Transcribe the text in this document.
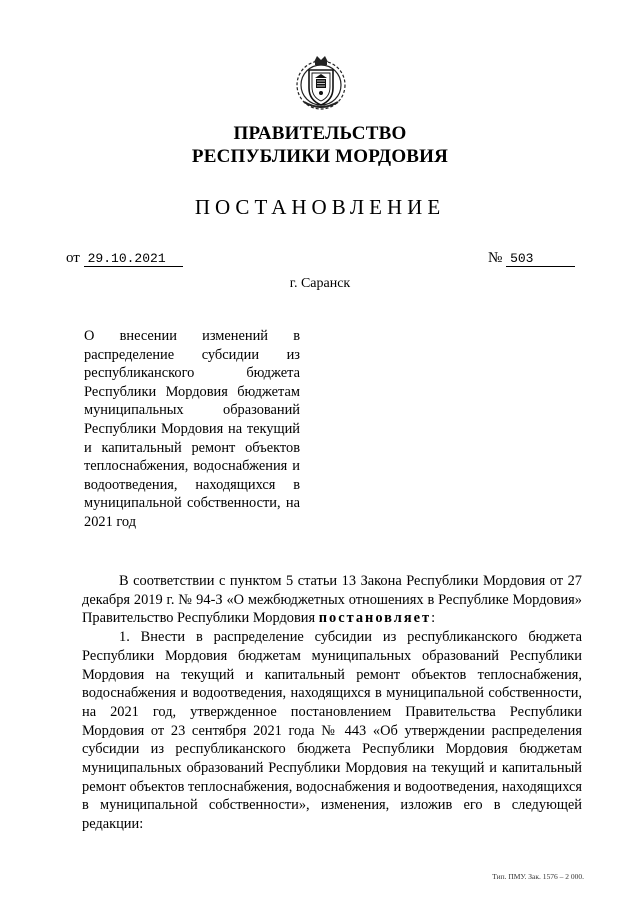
ПРАВИТЕЛЬСТВО
РЕСПУБЛИКИ МОРДОВИЯ
ПОСТАНОВЛЕНИЕ
от 29.10.2021	№ 503
г. Саранск
О внесении изменений в распределение субсидии из республиканского бюджета Республики Мордовия бюджетам муниципальных образований Республики Мордовия на текущий и капитальный ремонт объектов теплоснабжения, водоснабжения и водоотведения, находящихся в муниципальной собственности, на 2021 год

В соответствии с пунктом 5 статьи 13 Закона Республики Мордовия от 27 декабря 2019 г. № 94-З «О межбюджетных отношениях в Республике Мордовия» Правительство Республики Мордовия постановляет:

1. Внести в распределение субсидии из республиканского бюджета Республики Мордовия бюджетам муниципальных образований Республики Мордовия на текущий и капитальный ремонт объектов теплоснабжения, водоснабжения и водоотведения, находящихся в муниципальной собственности, на 2021 год, утвержденное постановлением Правительства Республики Мордовия от 23 сентября 2021 года № 443 «Об утверждении распределения субсидии из республиканского бюджета Республики Мордовия бюджетам муниципальных образований Республики Мордовия на текущий и капитальный ремонт объектов теплоснабжения, водоснабжения и водоотведения, находящихся в муниципальной собственности», изменения, изложив его в следующей редакции:

Тип. ПМУ. Зак. 1576 – 2 000.
